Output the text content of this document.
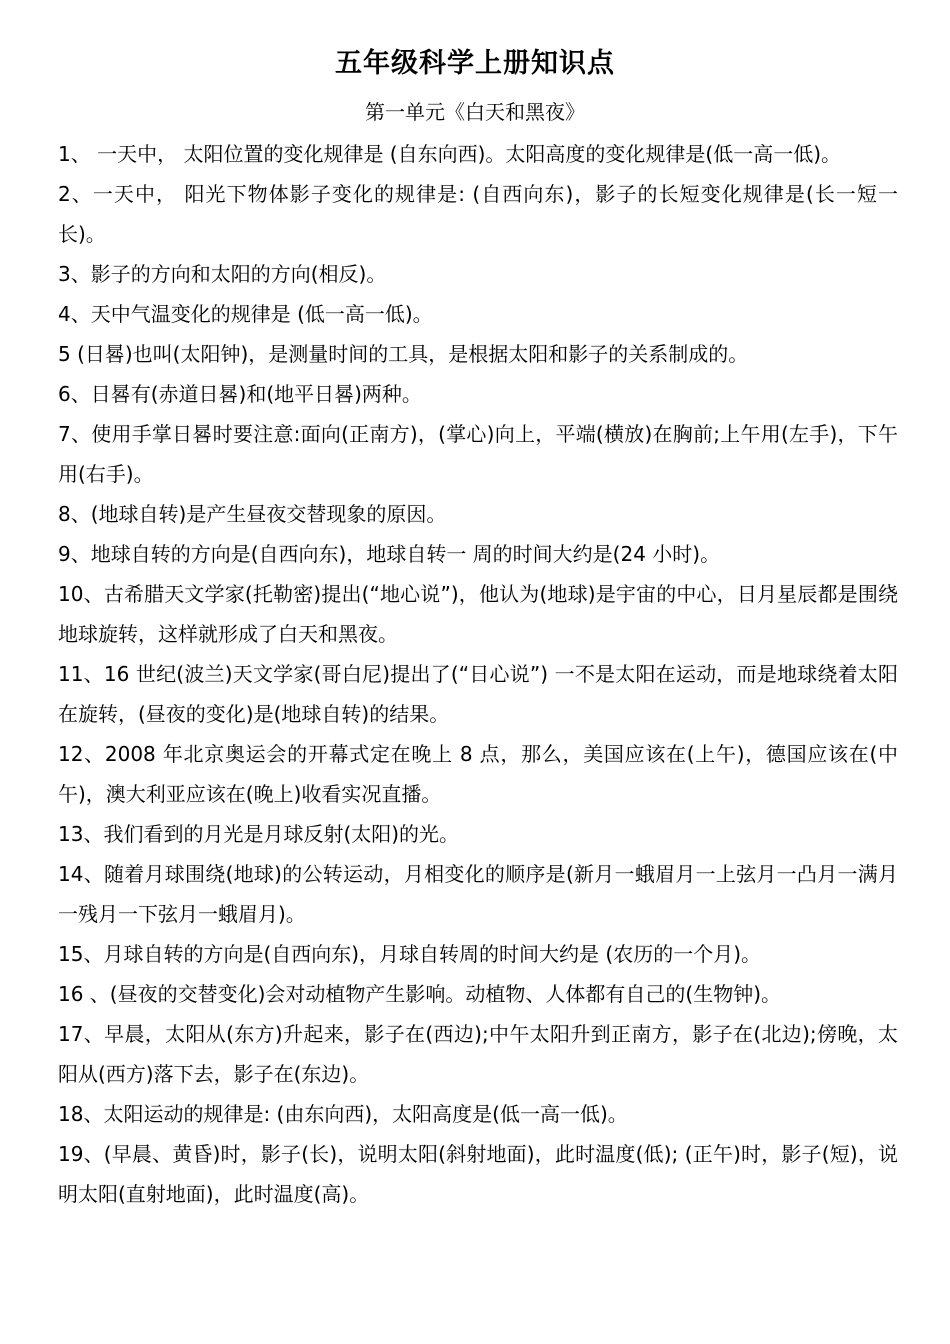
五年级科学上册知识点
第一单元《白天和黑夜》

1、 一天中， 太阳位置的变化规律是 (自东向西)。太阳高度的变化规律是(低一高一低)。

2、一天中， 阳光下物体影子变化的规律是: (自西向东)，影子的长短变化规律是(长一短一长)。

3、影子的方向和太阳的方向(相反)。

4、天中气温变化的规律是 (低一高一低)。

5 (日晷)也叫(太阳钟)，是测量时间的工具，是根据太阳和影子的关系制成的。

6、日晷有(赤道日晷)和(地平日晷)两种。

7、使用手掌日晷时要注意:面向(正南方)，(掌心)向上，平端(横放)在胸前;上午用(左手)，下午用(右手)。

8、(地球自转)是产生昼夜交替现象的原因。

9、地球自转的方向是(自西向东)，地球自转一 周的时间大约是(24 小时)。

10、古希腊天文学家(托勒密)提出(“地心说”)，他认为(地球)是宇宙的中心，日月星辰都是围绕地球旋转，这样就形成了白天和黑夜。

11、16 世纪(波兰)天文学家(哥白尼)提出了(“日心说”) 一不是太阳在运动，而是地球绕着太阳在旋转，(昼夜的变化)是(地球自转)的结果。

12、2008 年北京奥运会的开幕式定在晚上 8 点，那么，美国应该在(上午)，德国应该在(中午)，澳大利亚应该在(晚上)收看实况直播。

13、我们看到的月光是月球反射(太阳)的光。

14、随着月球围绕(地球)的公转运动，月相变化的顺序是(新月一蛾眉月一上弦月一凸月一满月一残月一下弦月一蛾眉月)。

15、月球自转的方向是(自西向东)，月球自转周的时间大约是 (农历的一个月)。

16 、(昼夜的交替变化)会对动植物产生影响。动植物、人体都有自己的(生物钟)。

17、早晨，太阳从(东方)升起来，影子在(西边);中午太阳升到正南方，影子在(北边);傍晚，太阳从(西方)落下去，影子在(东边)。

18、太阳运动的规律是: (由东向西)，太阳高度是(低一高一低)。

19、(早晨、黄昏)时，影子(长)，说明太阳(斜射地面)，此时温度(低); (正午)时，影子(短)，说明太阳(直射地面)，此时温度(高)。
